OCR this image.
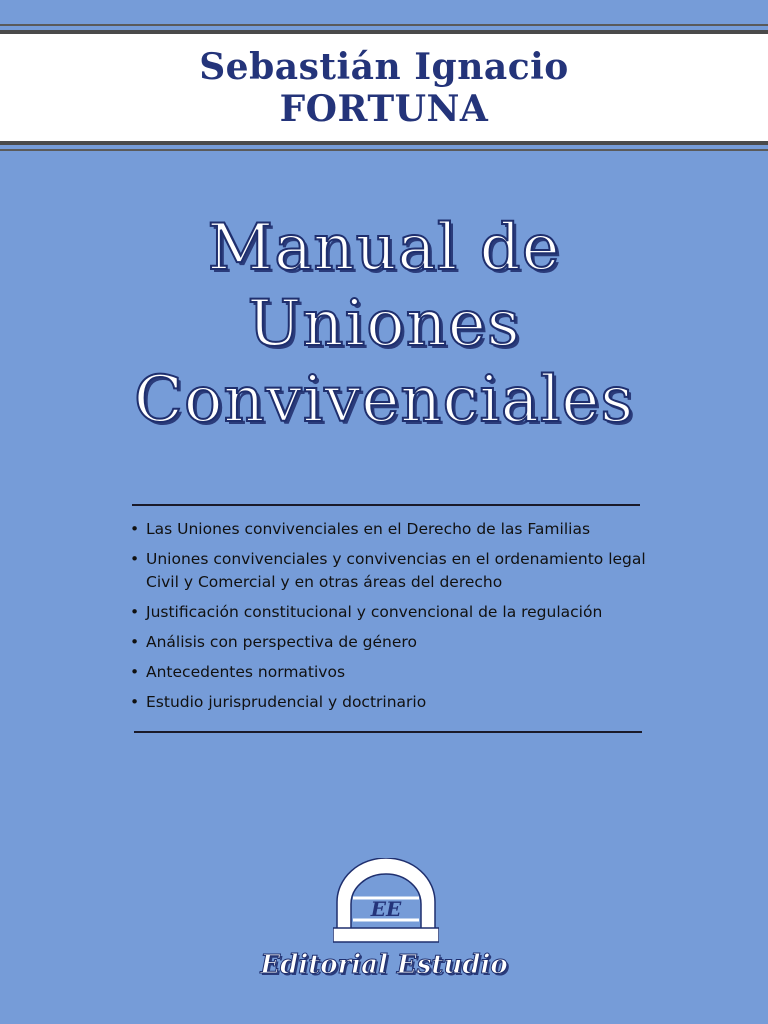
Sebastián Ignacio
FORTUNA
Manual de
Uniones
Convivenciales
• Las Uniones convivenciales en el Derecho de las Familias
• Uniones convivenciales y convivencias en el ordenamiento legal Civil y Comercial y en otras áreas del derecho
• Justificación constitucional y convencional de la regulación
• Análisis con perspectiva de género
• Antecedentes normativos
• Estudio jurisprudencial y doctrinario
EE
Editorial Estudio
